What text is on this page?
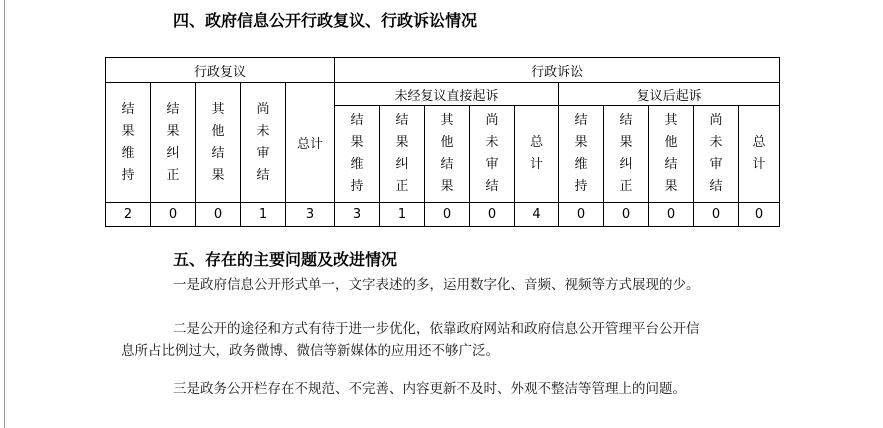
四、政府信息公开行政复议、行政诉讼情况
行政复议					行政诉讼									
结果维持	结果纠正	其他结果	尚未审结	总计	未经复议直接起诉					复议后起诉				
					结果维持	结果纠正	其他结果	尚未审结	总计	结果维持	结果纠正	其他结果	尚未审结	总计
2	0	0	1	3	3	1	0	0	4	0	0	0	0	0
五、存在的主要问题及改进情况
一是政府信息公开形式单一，文字表述的多，运用数字化、音频、视频等方式展现的少。
二是公开的途径和方式有待于进一步优化，依靠政府网站和政府信息公开管理平台公开信
息所占比例过大，政务微博、微信等新媒体的应用还不够广泛。
三是政务公开栏存在不规范、不完善、内容更新不及时、外观不整洁等管理上的问题。
